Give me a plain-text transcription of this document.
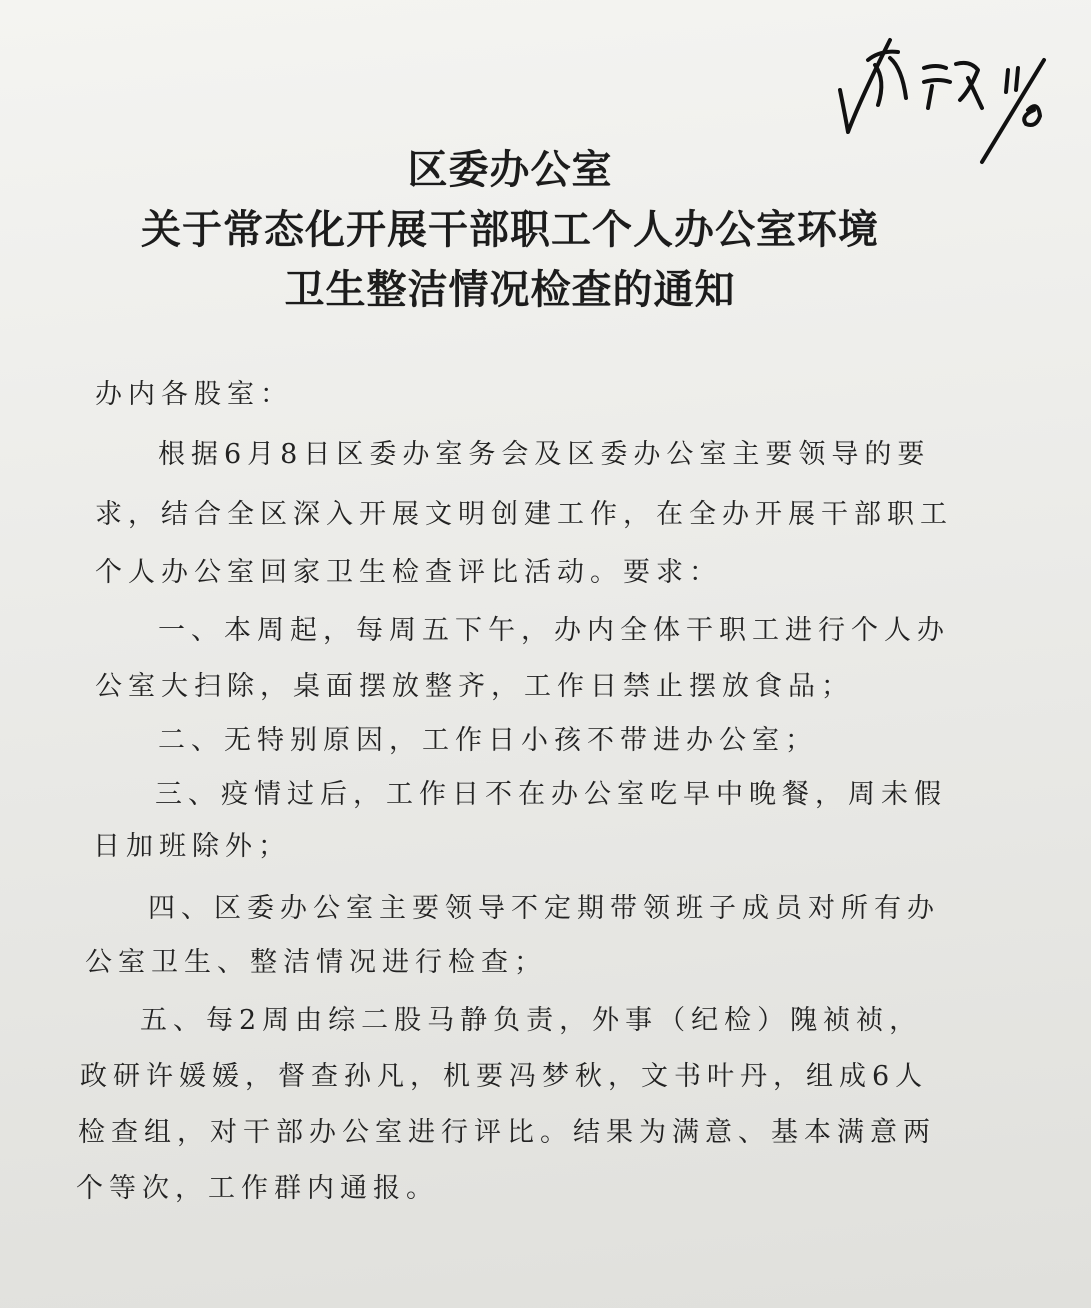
区委办公室
关于常态化开展干部职工个人办公室环境
卫生整洁情况检查的通知
办内各股室：
根据6月8日区委办室务会及区委办公室主要领导的要
求，结合全区深入开展文明创建工作，在全办开展干部职工
个人办公室回家卫生检查评比活动。要求：
一、本周起，每周五下午，办内全体干职工进行个人办
公室大扫除，桌面摆放整齐，工作日禁止摆放食品；
二、无特别原因，工作日小孩不带进办公室；
三、疫情过后，工作日不在办公室吃早中晚餐，周未假
日加班除外；
四、区委办公室主要领导不定期带领班子成员对所有办
公室卫生、整洁情况进行检查；
五、每2周由综二股马静负责，外事（纪检）隗祯祯，
政研许媛媛，督查孙凡，机要冯梦秋，文书叶丹，组成6人
检查组，对干部办公室进行评比。结果为满意、基本满意两
个等次，工作群内通报。
